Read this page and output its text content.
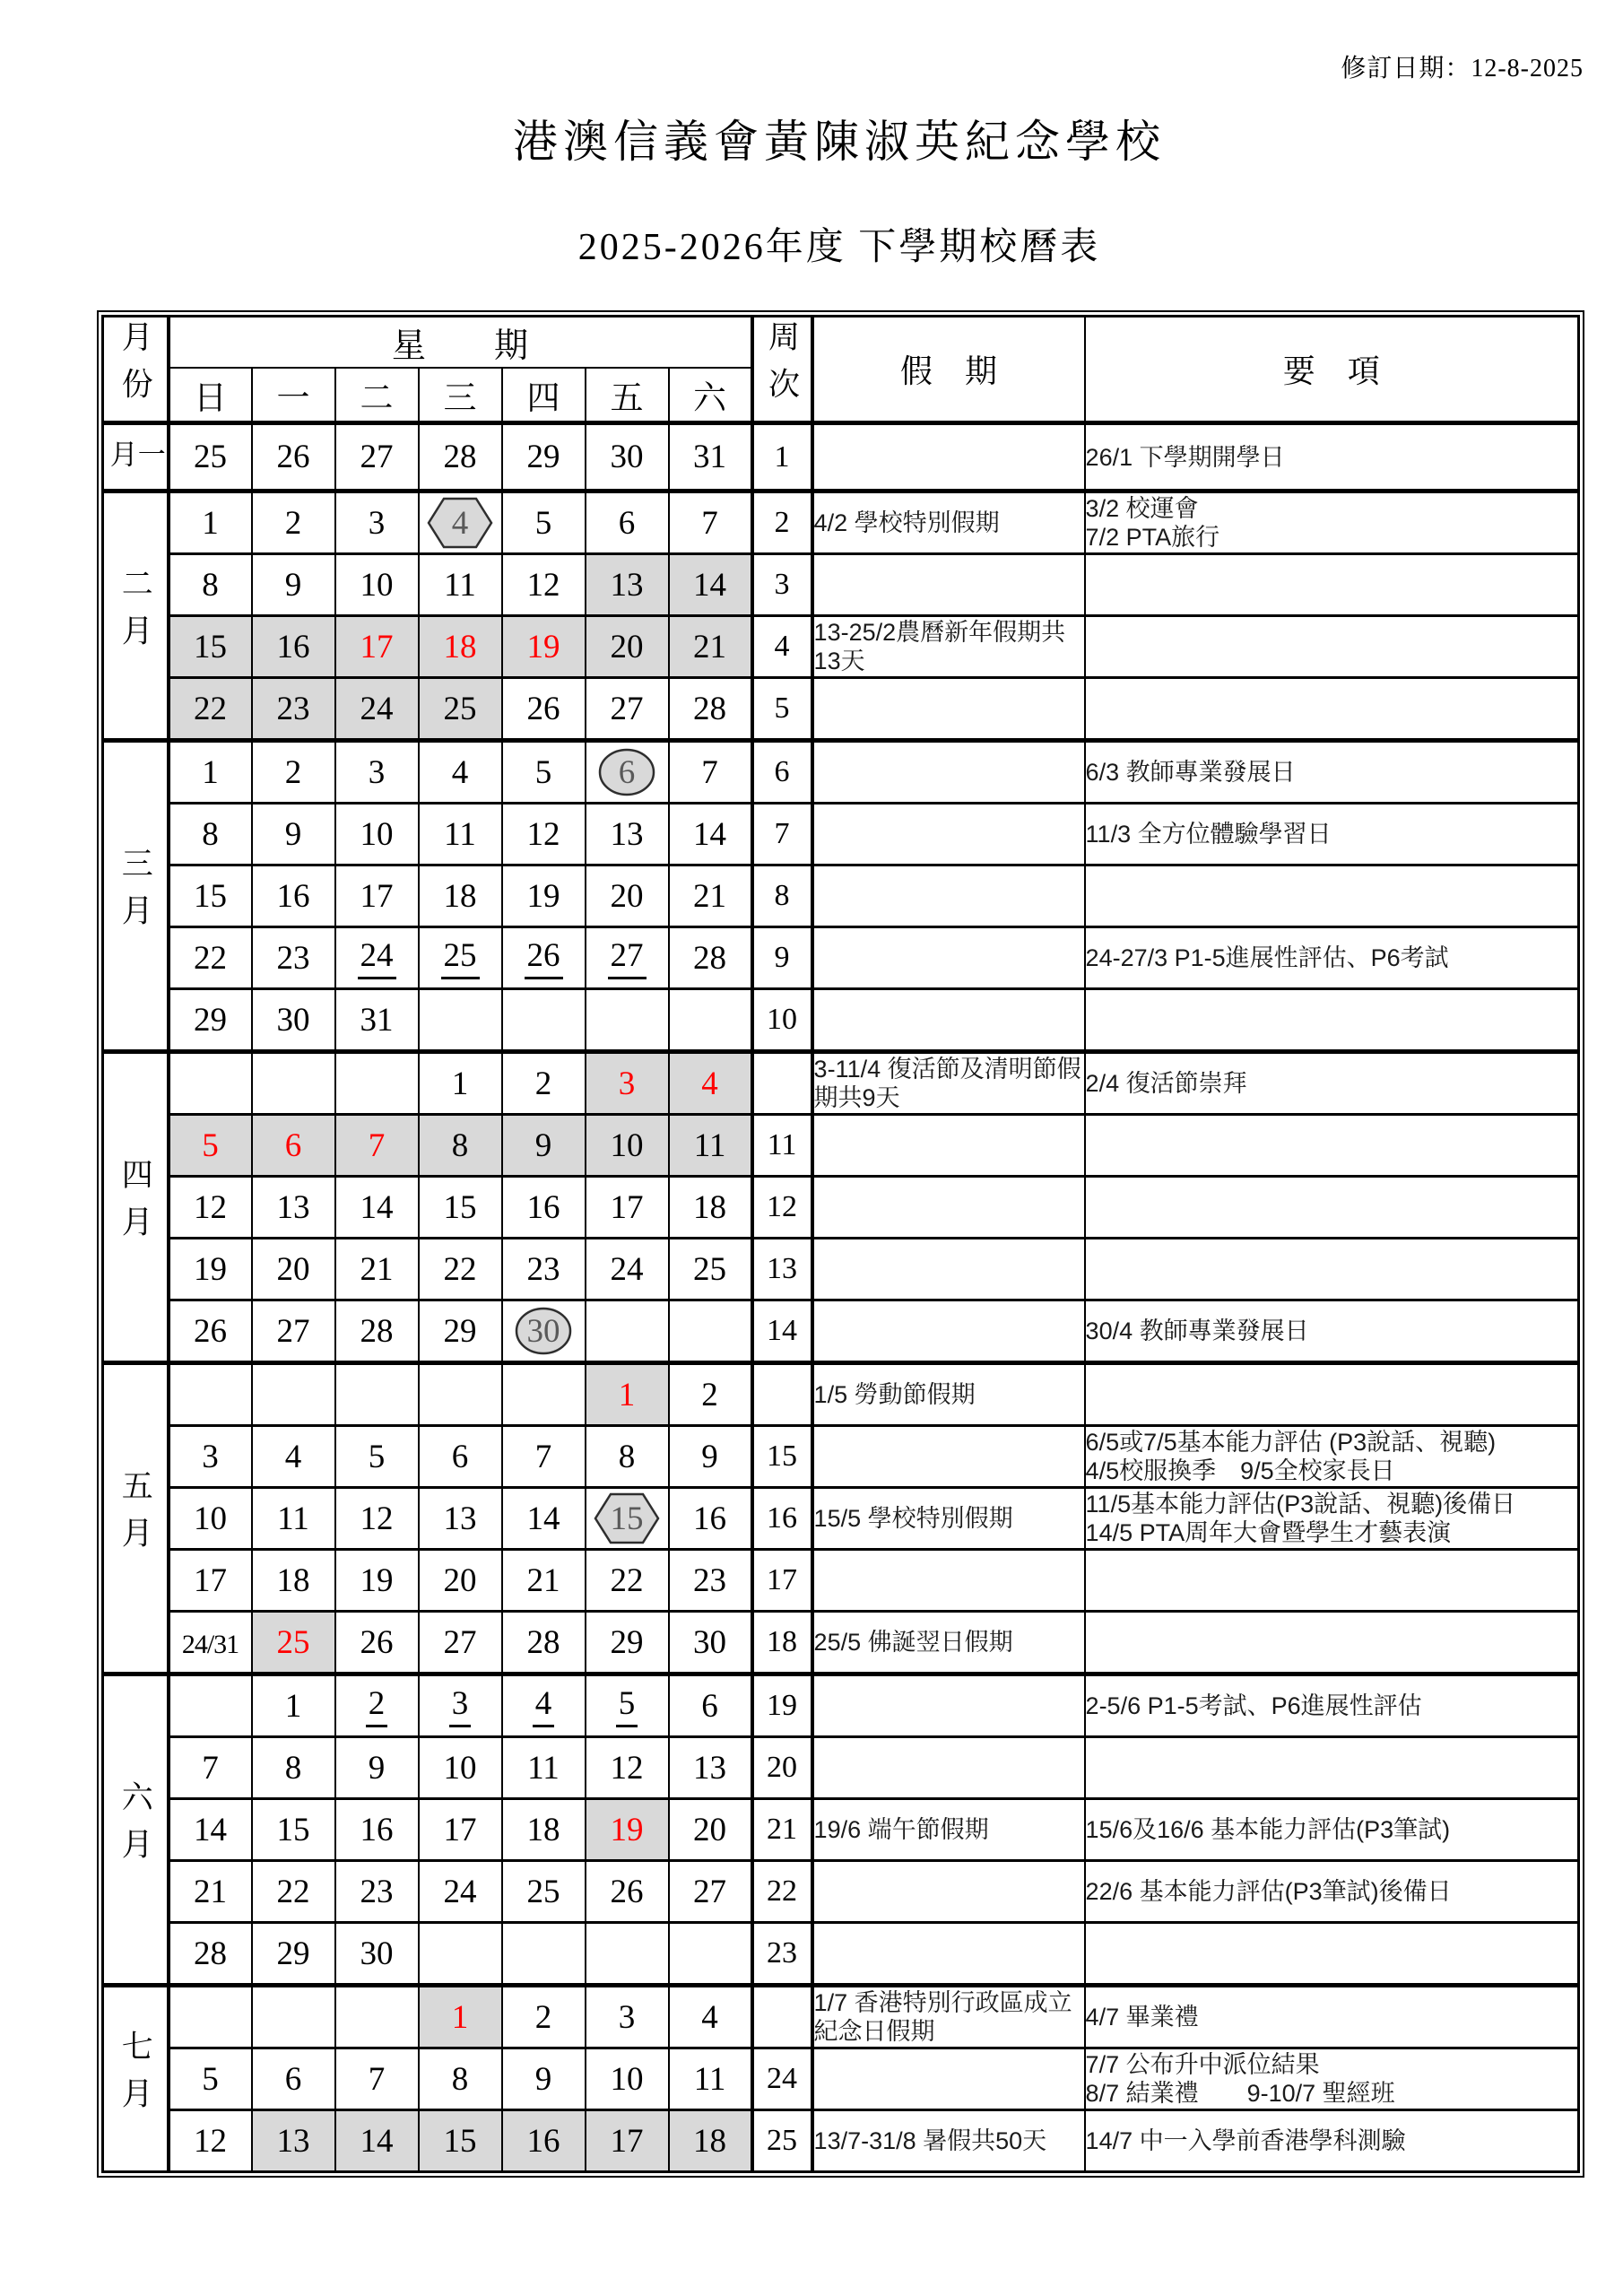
修訂日期：12-8-2025
港澳信義會黃陳淑英紀念學校
2025-2026年度 下學期校曆表
月份	星　　期							周次	假　期	要　項
	日	一	二	三	四	五	六			
一月	25	26	27	28	29	30	31	1		26/1 下學期開學日

二月	1	2	3	4	5	6	7	2	4/2 學校特別假期	3/2 校運會
7/2 PTA旅行

	8	9	10	11	12	13	14	3		
	15	16	17	18	19	20	21	4	13-25/2農曆新年假期共13天	
	22	23	24	25	26	27	28	5		
三月	1	2	3	4	5	6	7	6		6/3 教師專業發展日

	8	9	10	11	12	13	14	7		11/3 全方位體驗學習日

	15	16	17	18	19	20	21	8		
	22	23	24	25	26	27	28	9		24-27/3 P1-5進展性評估、P6考試

	29	30	31					10		
四月				1	2	3	4		3-11/4 復活節及清明節假期共9天	2/4 復活節崇拜

	5	6	7	8	9	10	11	11		
	12	13	14	15	16	17	18	12		
	19	20	21	22	23	24	25	13		
	26	27	28	29	30			14		30/4 教師專業發展日

五月						1	2		1/5 勞動節假期	
	3	4	5	6	7	8	9	15		6/5或7/5基本能力評估 (P3說話、視聽)
4/5校服換季　9/5全校家長日

	10	11	12	13	14	15	16	16	15/5 學校特別假期	11/5基本能力評估(P3說話、視聽)後備日
14/5 PTA周年大會暨學生才藝表演

	17	18	19	20	21	22	23	17		
	24/31	25	26	27	28	29	30	18	25/5 佛誕翌日假期	
六月		1	2	3	4	5	6	19		2-5/6 P1-5考試、P6進展性評估

	7	8	9	10	11	12	13	20		
	14	15	16	17	18	19	20	21	19/6 端午節假期	15/6及16/6 基本能力評估(P3筆試)

	21	22	23	24	25	26	27	22		22/6 基本能力評估(P3筆試)後備日

	28	29	30					23		
七月				1	2	3	4		1/7 香港特別行政區成立紀念日假期	4/7 畢業禮

	5	6	7	8	9	10	11	24		7/7 公布升中派位結果
8/7 結業禮　　9-10/7 聖經班

	12	13	14	15	16	17	18	25	13/7-31/8 暑假共50天	14/7 中一入學前香港學科測驗
